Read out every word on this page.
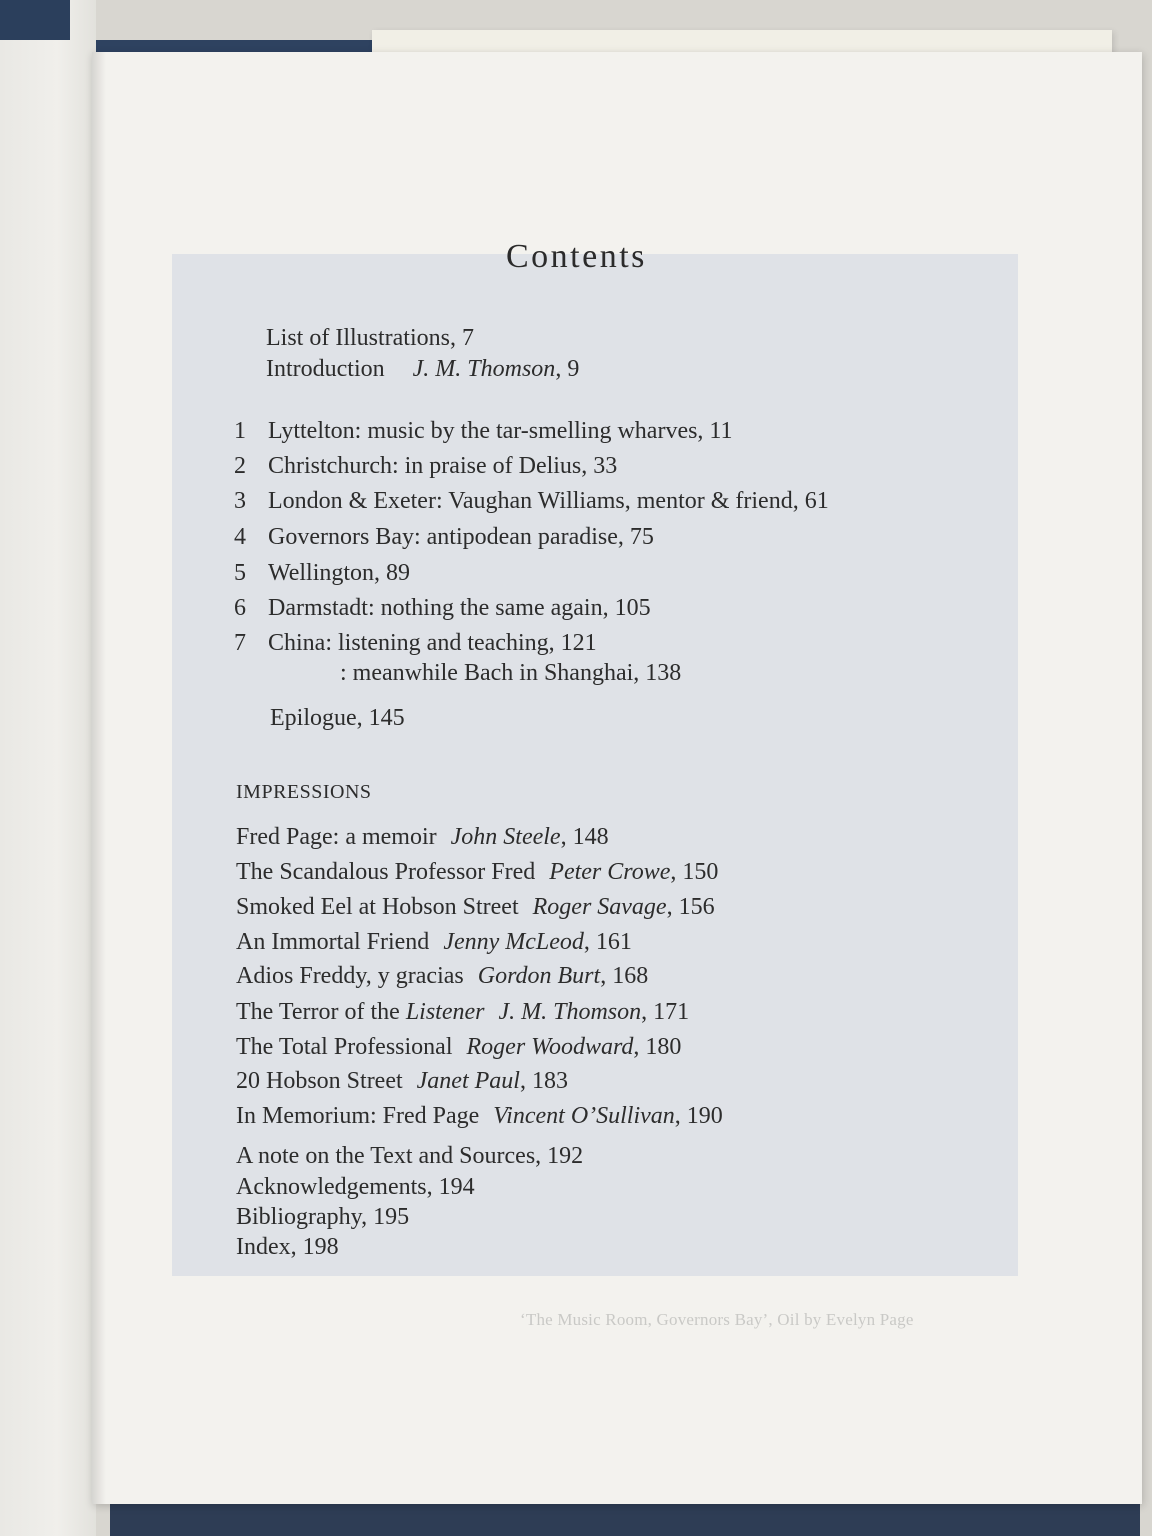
‘The Music Room, Governors Bay’, Oil by Evelyn Page
Contents
List of Illustrations, 7
Introduction J. M. Thomson, 9
1 Lyttelton: music by the tar-smelling wharves, 11
2 Christchurch: in praise of Delius, 33
3 London & Exeter: Vaughan Williams, mentor & friend, 61
4 Governors Bay: antipodean paradise, 75
5 Wellington, 89
6 Darmstadt: nothing the same again, 105
7 China: listening and teaching, 121
: meanwhile Bach in Shanghai, 138
Epilogue, 145
IMPRESSIONS
Fred Page: a memoir John Steele, 148
The Scandalous Professor Fred Peter Crowe, 150
Smoked Eel at Hobson Street Roger Savage, 156
An Immortal Friend Jenny McLeod, 161
Adios Freddy, y gracias Gordon Burt, 168
The Terror of the Listener J. M. Thomson, 171
The Total Professional Roger Woodward, 180
20 Hobson Street Janet Paul, 183
In Memorium: Fred Page Vincent O’Sullivan, 190
A note on the Text and Sources, 192
Acknowledgements, 194
Bibliography, 195
Index, 198
